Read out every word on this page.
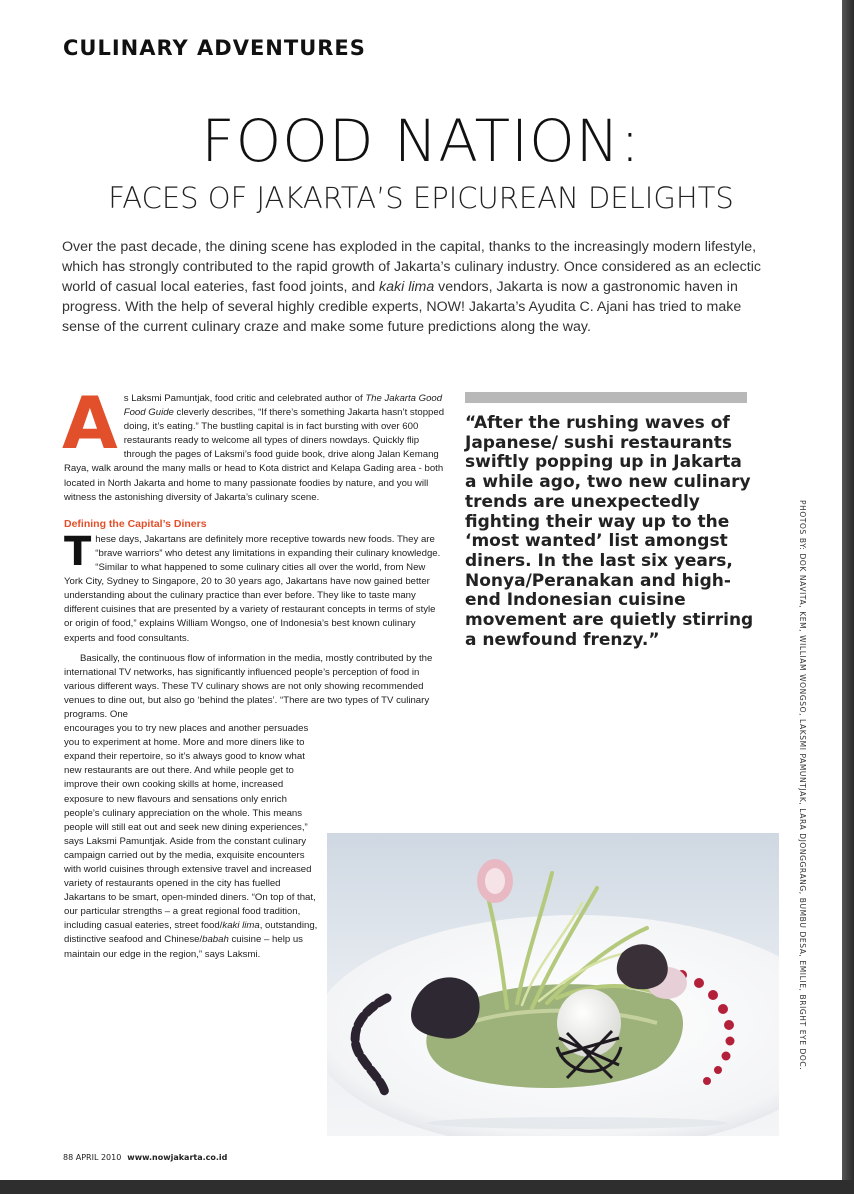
CULINARY ADVENTURES
FOOD NATION:
FACES OF JAKARTA’S EPICUREAN DELIGHTS

Over the past decade, the dining scene has exploded in the capital, thanks to the increasingly modern lifestyle, which has strongly contributed to the rapid growth of Jakarta’s culinary industry. Once considered as an eclectic world of casual local eateries, fast food joints, and kaki lima vendors, Jakarta is now a gastronomic haven in progress. With the help of several highly credible experts, NOW! Jakarta’s Ayudita C. Ajani has tried to make sense of the current culinary craze and make some future predictions along the way.

As Laksmi Pamuntjak, food critic and celebrated author of The Jakarta Good Food Guide cleverly describes, “If there’s something Jakarta hasn’t stopped doing, it’s eating.” The bustling capital is in fact bursting with over 600 restaurants ready to welcome all types of diners nowdays. Quickly flip through the pages of Laksmi’s food guide book, drive along Jalan Kemang Raya, walk around the many malls or head to Kota district and Kelapa Gading area - both located in North Jakarta and home to many passionate foodies by nature, and you will witness the astonishing diversity of Jakarta’s culinary scene.

Defining the Capital’s Diners

These days, Jakartans are definitely more receptive towards new foods. They are “brave warriors” who detest any limitations in expanding their culinary knowledge. “Similar to what happened to some culinary cities all over the world, from New York City, Sydney to Singapore, 20 to 30 years ago, Jakartans have now gained better understanding about the culinary practice than ever before. They like to taste many different cuisines that are presented by a variety of restaurant concepts in terms of style or origin of food,” explains William Wongso, one of Indonesia’s best known culinary experts and food consultants.

Basically, the continuous flow of information in the media, mostly contributed by the international TV networks, has significantly influenced people’s perception of food in various different ways. These TV culinary shows are not only showing recommended venues to dine out, but also go ‘behind the plates’. “There are two types of TV culinary programs. One

encourages you to try new places and another persuades you to experiment at home. More and more diners like to expand their repertoire, so it’s always good to know what new restaurants are out there. And while people get to improve their own cooking skills at home, increased exposure to new flavours and sensations only enrich people’s culinary appreciation on the whole. This means people will still eat out and seek new dining experiences,” says Laksmi Pamuntjak. Aside from the constant culinary campaign carried out by the media, exquisite encounters with world cuisines through extensive travel and increased variety of restaurants opened in the city has fuelled Jakartans to be smart, open-minded diners. “On top of that, our particular strengths – a great regional food tradition, including casual eateries, street food/kaki lima, outstanding, distinctive seafood and Chinese/babah cuisine – help us maintain our edge in the region,” says Laksmi.

“After the rushing waves of Japanese/ sushi restaurants swiftly popping up in Jakarta a while ago, two new culinary trends are unexpectedly fighting their way up to the ‘most wanted’ list amongst diners. In the last six years, Nonya/Peranakan and high-end Indonesian cuisine movement are quietly stirring a newfound frenzy.”	PHOTOS BY: DOK NAVITA, KEM, WILLIAM WONGSO, LAKSMI PAMUNTJAK, LARA DJONGGRANG, BUMBU DESA, EMILIE, BRIGHT EYE DOC.
88 APRIL 2010 www.nowjakarta.co.id
